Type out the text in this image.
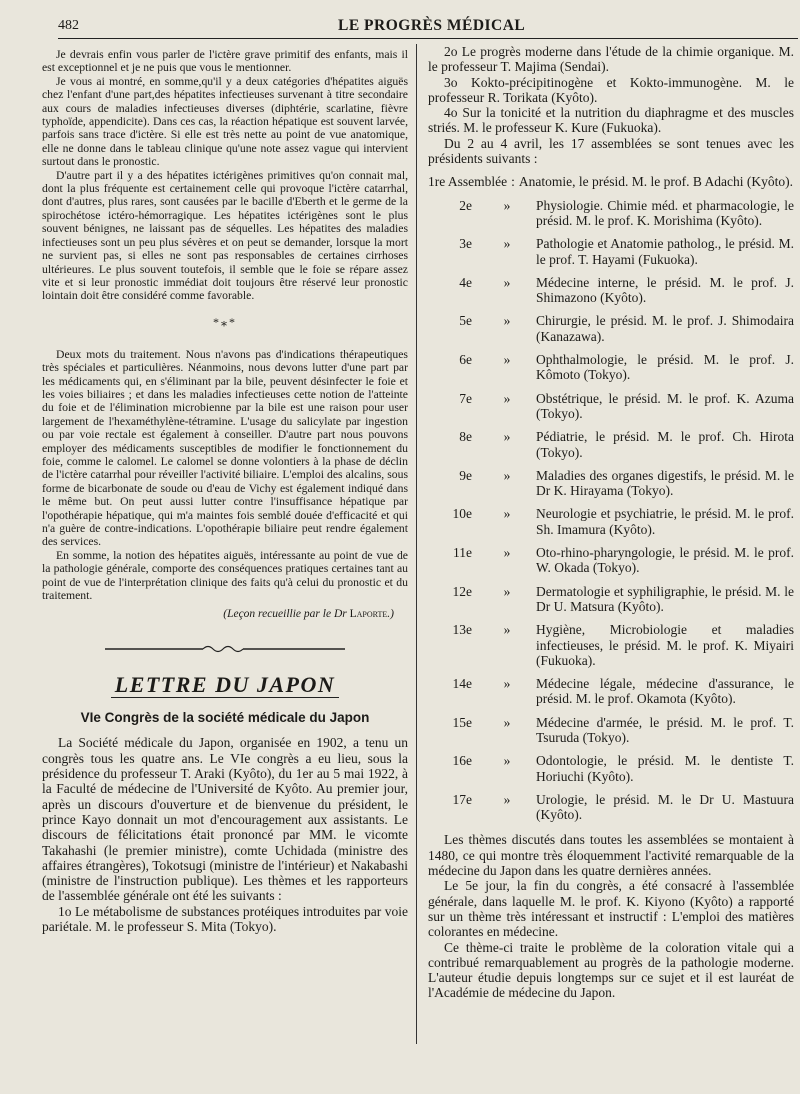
482	LE PROGRÈS MÉDICAL

Je devrais enfin vous parler de l'ictère grave primitif des enfants, mais il est exceptionnel et je ne puis que vous le mentionner.

Je vous ai montré, en somme,qu'il y a deux catégories d'hépatites aiguës chez l'enfant d'une part,des hépatites infectieuses survenant à titre secondaire aux cours de maladies infectieuses diverses (diphtérie, scarlatine, fièvre typhoïde, appendicite). Dans ces cas, la réaction hépatique est souvent larvée, parfois sans trace d'ictère. Si elle est très nette au point de vue anatomique, elle ne donne dans le tableau clinique qu'une note assez vague qui intervient surtout dans le pronostic.

D'autre part il y a des hépatites ictérigènes primitives qu'on connait mal, dont la plus fréquente est certainement celle qui provoque l'ictère catarrhal, dont d'autres, plus rares, sont causées par le bacille d'Eberth et le germe de la spirochétose ictéro-hémorragique. Les hépatites ictérigènes sont le plus souvent bénignes, ne laissant pas de séquelles. Les hépatites des maladies infectieuses sont un peu plus sévères et on peut se demander, lorsque la mort ne survient pas, si elles ne sont pas responsables de certaines cirrhoses ultérieures. Le plus souvent toutefois, il semble que le foie se répare assez vite et si leur pronostic immédiat doit toujours être réservé leur pronostic lointain doit être considéré comme favorable.

*⁎*

Deux mots du traitement. Nous n'avons pas d'indications thérapeutiques très spéciales et particulières. Néanmoins, nous devons lutter d'une part par les médicaments qui, en s'éliminant par la bile, peuvent désinfecter le foie et les voies biliaires ; et dans les maladies infectieuses cette notion de l'atteinte du foie et de l'élimination microbienne par la bile est une raison pour user largement de l'hexaméthylène-tétramine. L'usage du salicylate par ingestion ou par voie rectale est également à conseiller. D'autre part nous pouvons employer des médicaments susceptibles de modifier le fonctionnement du foie, comme le calomel. Le calomel se donne volontiers à la phase de déclin de l'ictère catarrhal pour réveiller l'activité biliaire. L'emploi des alcalins, sous forme de bicarbonate de soude ou d'eau de Vichy est également indiqué dans le même but. On peut aussi lutter contre l'insuffisance hépatique par l'opothérapie hépatique, qui m'a maintes fois semblé douée d'efficacité et qui n'a guère de contre-indications. L'opothérapie biliaire peut rendre également des services.

En somme, la notion des hépatites aiguës, intéressante au point de vue de la pathologie générale, comporte des conséquences pratiques certaines tant au point de vue de l'interprétation clinique des faits qu'à celui du pronostic et du traitement.

(Leçon recueillie par le Dr Laporte.)
LETTRE DU JAPON
VIe Congrès de la société médicale du Japon

La Société médicale du Japon, organisée en 1902, a tenu un congrès tous les quatre ans. Le VIe congrès a eu lieu, sous la présidence du professeur T. Araki (Kyôto), du 1er au 5 mai 1922, à la Faculté de médecine de l'Université de Kyôto. Au premier jour, après un discours d'ouverture et de bienvenue du président, le prince Kayo donnait un mot d'encouragement aux assistants. Le discours de félicitations était prononcé par MM. le vicomte Takahashi (le premier ministre), comte Uchidada (ministre des affaires étrangères), Tokotsugi (ministre de l'intérieur) et Nakabashi (ministre de l'instruction publique). Les thèmes et les rapporteurs de l'assemblée générale ont été les suivants :

1o Le métabolisme de substances protéiques introduites par voie pariétale. M. le professeur S. Mita (Tokyo).

2o Le progrès moderne dans l'étude de la chimie organique. M. le professeur T. Majima (Sendai).

3o Kokto-précipitinogène et Kokto-immunogène. M. le professeur R. Torikata (Kyôto).

4o Sur la tonicité et la nutrition du diaphragme et des muscles striés. M. le professeur K. Kure (Fukuoka).

Du 2 au 4 avril, les 17 assemblées se sont tenues avec les présidents suivants :

1re Assemblée : Anatomie, le présid. M. le prof. B Adachi (Kyôto).
2e	»	Physiologie. Chimie méd. et pharmacologie, le présid. M. le prof. K. Morishima (Kyôto).
3e	»	Pathologie et Anatomie patholog., le présid. M. le prof. T. Hayami (Fukuoka).
4e	»	Médecine interne, le présid. M. le prof. J. Shimazono (Kyôto).
5e	»	Chirurgie, le présid. M. le prof. J. Shimodaira (Kanazawa).
6e	»	Ophthalmologie, le présid. M. le prof. J. Kômoto (Tokyo).
7e	»	Obstétrique, le présid. M. le prof. K. Azuma (Tokyo).
8e	»	Pédiatrie, le présid. M. le prof. Ch. Hirota (Tokyo).
9e	»	Maladies des organes digestifs, le présid. M. le Dr K. Hirayama (Tokyo).
10e	»	Neurologie et psychiatrie, le présid. M. le prof. Sh. Imamura (Kyôto).
11e	»	Oto-rhino-pharyngologie, le présid. M. le prof. W. Okada (Tokyo).
12e	»	Dermatologie et syphiligraphie, le présid. M. le Dr U. Matsura (Kyôto).
13e	»	Hygiène, Microbiologie et maladies infectieuses, le présid. M. le prof. K. Miyairi (Fukuoka).
14e	»	Médecine légale, médecine d'assurance, le présid. M. le prof. Okamota (Kyôto).
15e	»	Médecine d'armée, le présid. M. le prof. T. Tsuruda (Tokyo).
16e	»	Odontologie, le présid. M. le dentiste T. Horiuchi (Kyôto).
17e	»	Urologie, le présid. M. le Dr U. Mastuura (Kyôto).

Les thèmes discutés dans toutes les assemblées se montaient à 1480, ce qui montre très éloquemment l'activité remarquable de la médecine du Japon dans les quatre dernières années.

Le 5e jour, la fin du congrès, a été consacré à l'assemblée générale, dans laquelle M. le prof. K. Kiyono (Kyôto) a rapporté sur un thème très intéressant et instructif : L'emploi des matières colorantes en médecine.

Ce thème-ci traite le problème de la coloration vitale qui a contribué remarquablement au progrès de la pathologie moderne. L'auteur étudie depuis longtemps sur ce sujet et il est lauréat de l'Académie de médecine du Japon.
